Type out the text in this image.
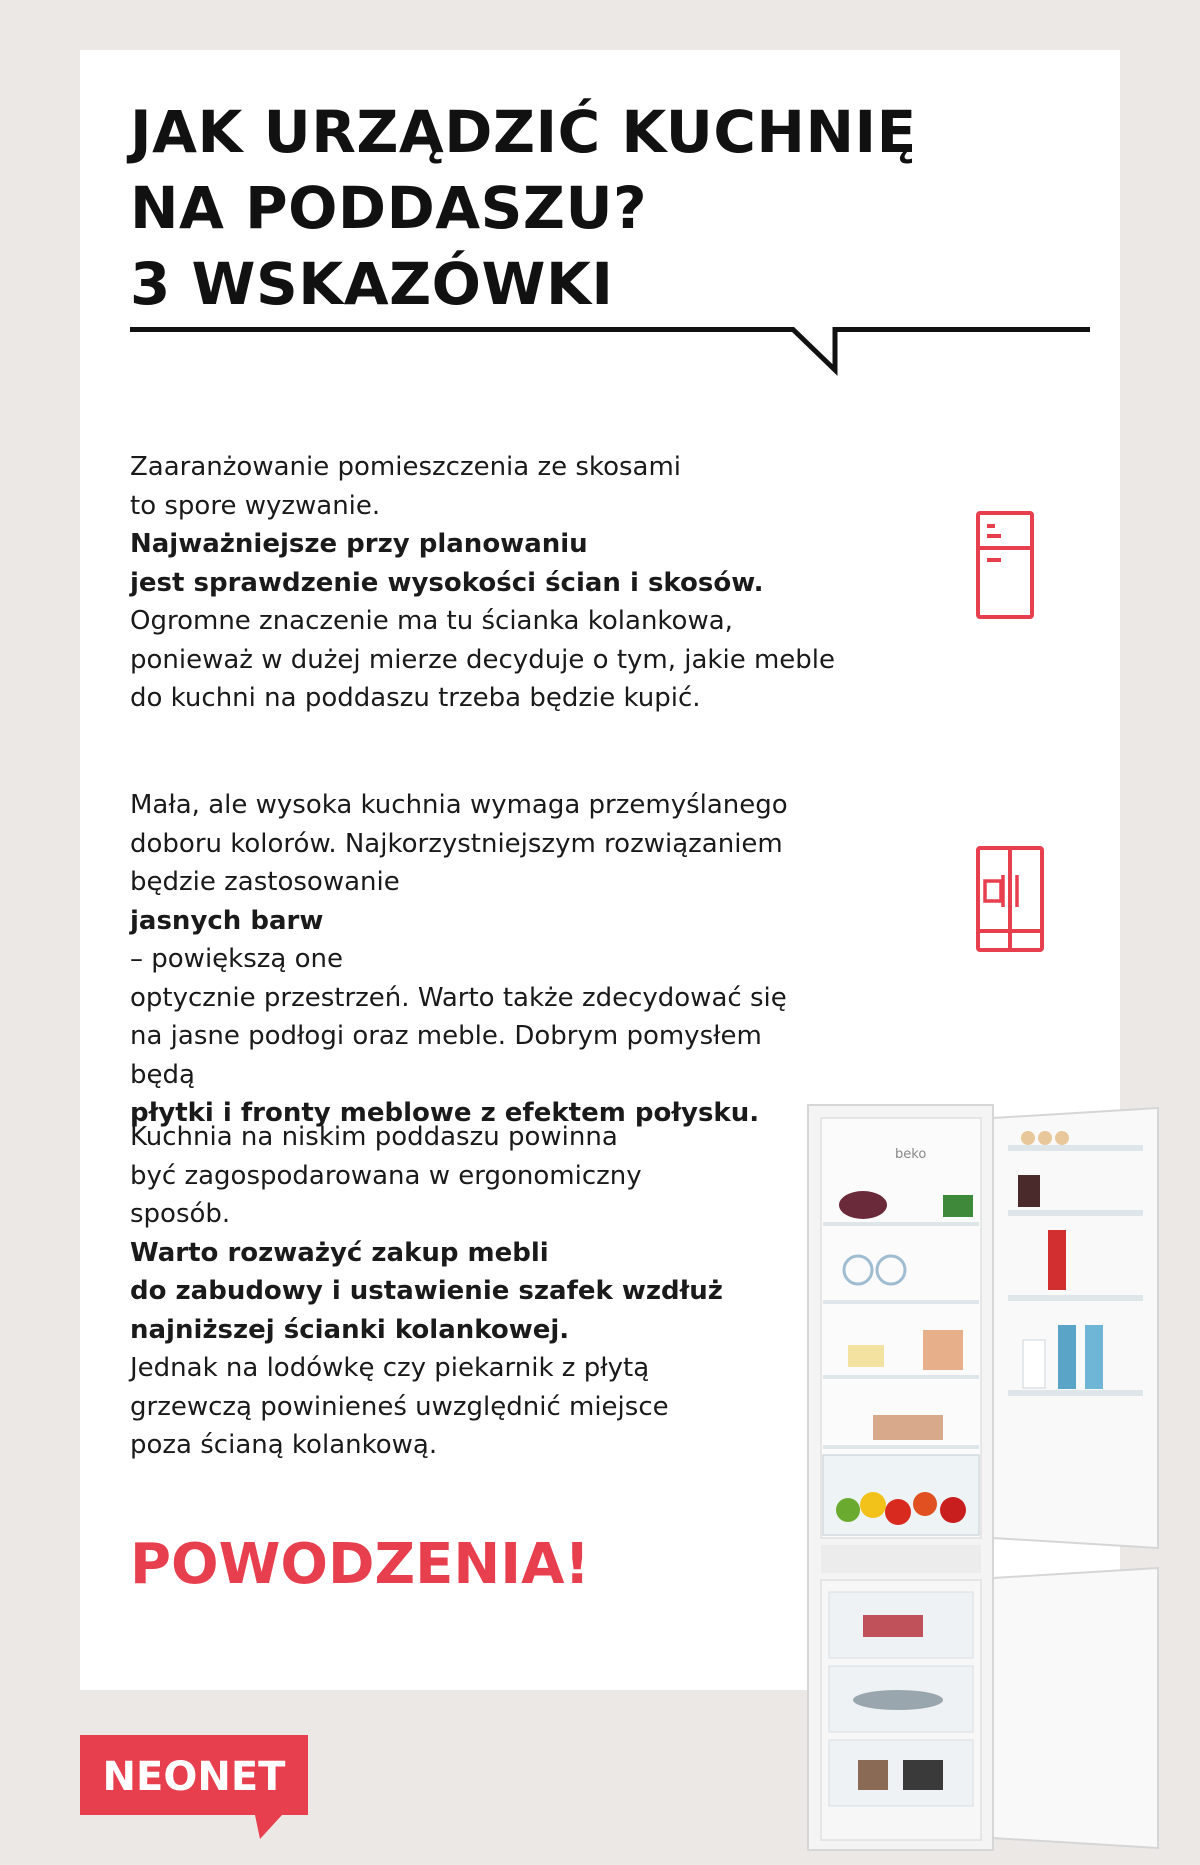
JAK URZĄDZIĆ KUCHNIĘ
NA PODDASZU?
3 WSKAZÓWKI
Zaaranżowanie pomieszczenia ze skosami
to spore wyzwanie.
Najważniejsze przy planowaniu
jest sprawdzenie wysokości ścian i skosów.
Ogromne znaczenie ma tu ścianka kolankowa,
ponieważ w dużej mierze decyduje o tym, jakie meble
do kuchni na poddaszu trzeba będzie kupić.
Mała, ale wysoka kuchnia wymaga przemyślanego
doboru kolorów. Najkorzystniejszym rozwiązaniem
będzie zastosowanie
jasnych barw
– powiększą one
optycznie przestrzeń. Warto także zdecydować się
na jasne podłogi oraz meble. Dobrym pomysłem
będą
płytki i fronty meblowe z efektem połysku.
Kuchnia na niskim poddaszu powinna
być zagospodarowana w ergonomiczny
sposób.
Warto rozważyć zakup mebli
do zabudowy i ustawienie szafek wzdłuż
najniższej ścianki kolankowej.
Jednak na lodówkę czy piekarnik z płytą
grzewczą powinieneś uwzględnić miejsce
poza ścianą kolankową.

POWODZENIA!

beko
NEONET
